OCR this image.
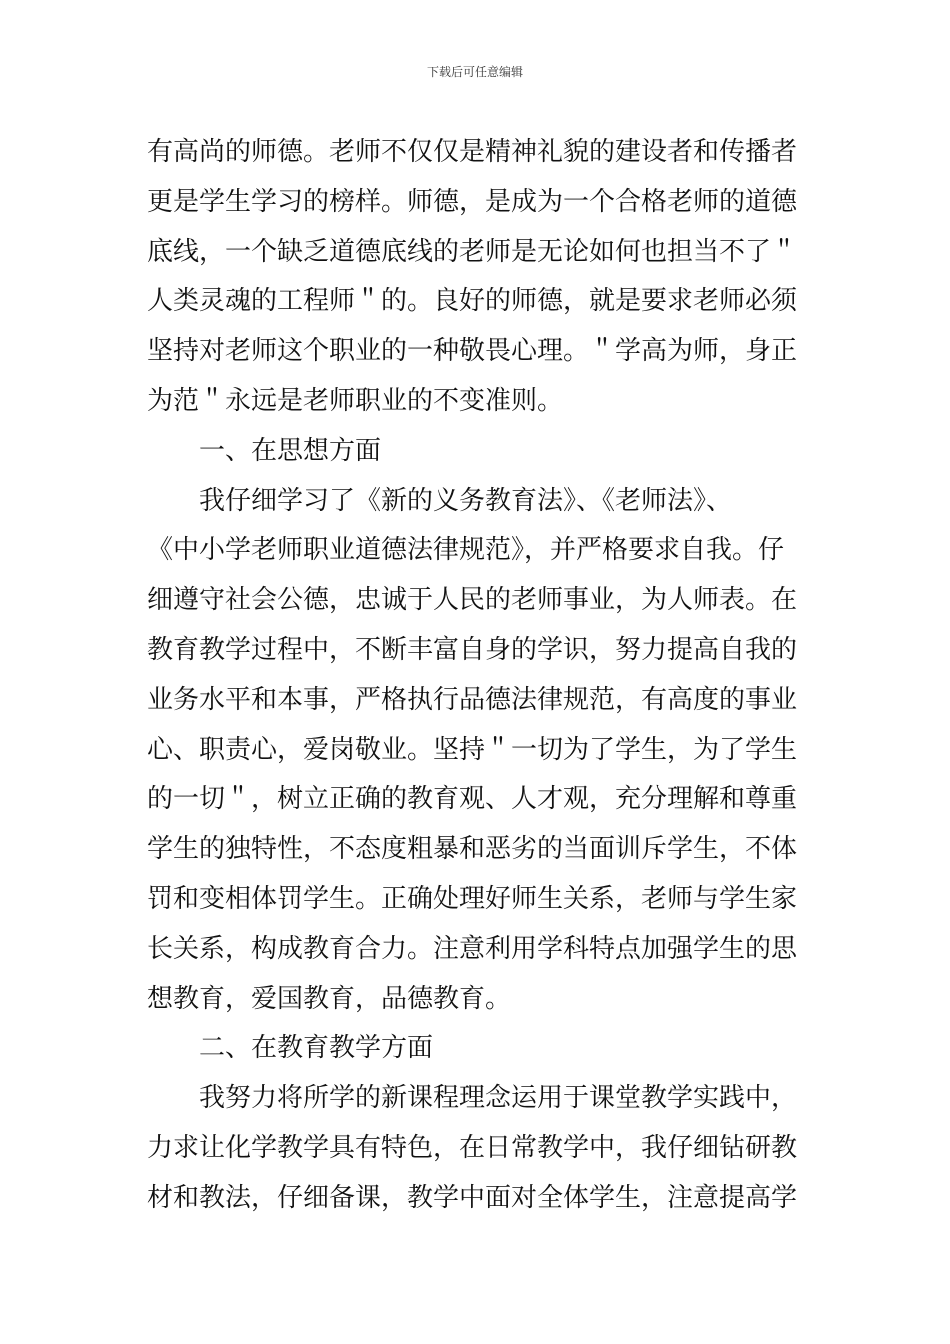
下载后可任意编辑
有高尚的师德。老师不仅仅是精神礼貌的建设者和传播者
更是学生学习的榜样。师德，是成为一个合格老师的道德
底线，一个缺乏道德底线的老师是无论如何也担当不了＂
人类灵魂的工程师＂的。良好的师德，就是要求老师必须
坚持对老师这个职业的一种敬畏心理。＂学高为师，身正
为范＂永远是老师职业的不变准则。
　　一、在思想方面
　　我仔细学习了《新的义务教育法》、《老师法》、
《中小学老师职业道德法律规范》，并严格要求自我。仔
细遵守社会公德，忠诚于人民的老师事业，为人师表。在
教育教学过程中，不断丰富自身的学识，努力提高自我的
业务水平和本事，严格执行品德法律规范，有高度的事业
心、职责心，爱岗敬业。坚持＂一切为了学生，为了学生
的一切＂，树立正确的教育观、人才观，充分理解和尊重
学生的独特性，不态度粗暴和恶劣的当面训斥学生，不体
罚和变相体罚学生。正确处理好师生关系，老师与学生家
长关系，构成教育合力。注意利用学科特点加强学生的思
想教育，爱国教育，品德教育。
　　二、在教育教学方面
　　我努力将所学的新课程理念运用于课堂教学实践中，
力求让化学教学具有特色，在日常教学中，我仔细钻研教
材和教法，仔细备课，教学中面对全体学生，注意提高学
